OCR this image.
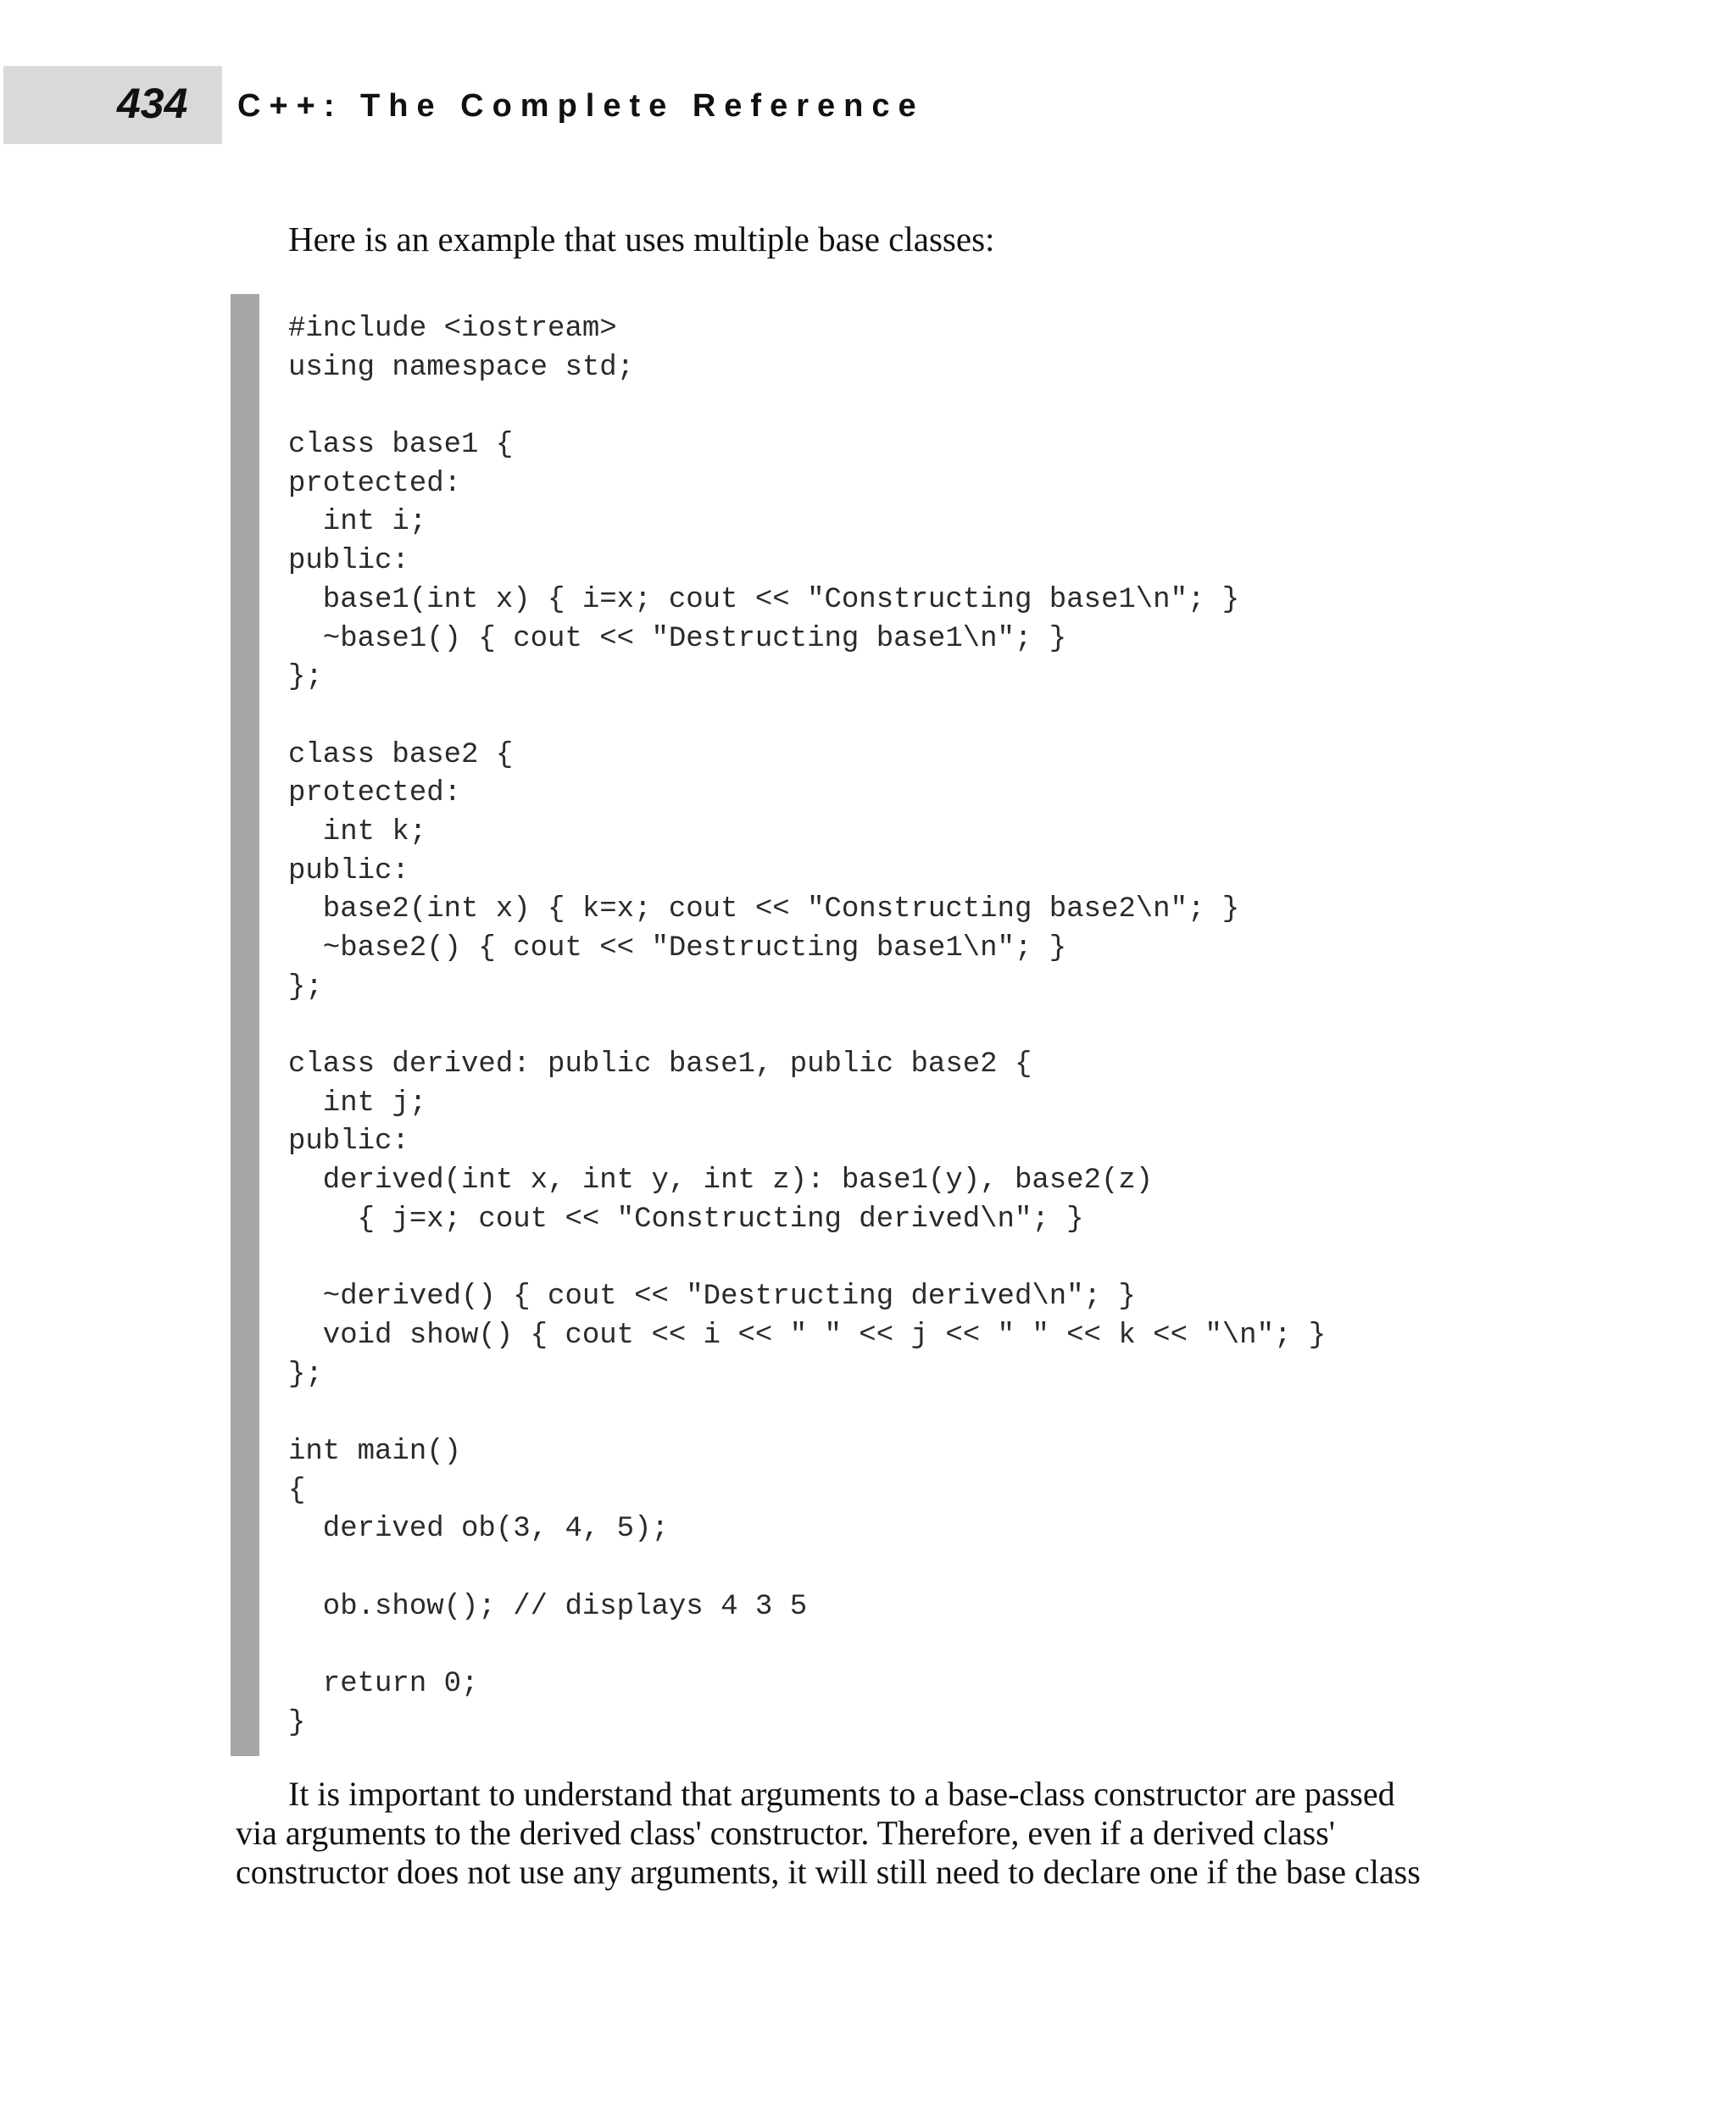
434 C++: The Complete Reference
Here is an example that uses multiple base classes:
#include <iostream>
using namespace std;
class base1 {
protected:
int i;
public:
base1(int x) { i=x; cout << "Constructing base1\n"; }
~base1() { cout << "Destructing base1\n"; }
};
class base2 {
protected:
int k;
public:
base2(int x) { k=x; cout << "Constructing base2\n"; }
~base2() { cout << "Destructing base1\n"; }
};
class derived: public base1, public base2 {
int j;
public:
derived(int x, int y, int z): base1(y), base2(z)
{ j=x; cout << "Constructing derived\n"; }
~derived() { cout << "Destructing derived\n"; }
void show() { cout << i << " " << j << " " << k << "\n"; }
};
int main()
{
derived ob(3, 4, 5);
ob.show(); // displays 4 3 5
return 0;
}
It is important to understand that arguments to a base-class constructor are passed
via arguments to the derived class' constructor. Therefore, even if a derived class'
constructor does not use any arguments, it will still need to declare one if the base class
